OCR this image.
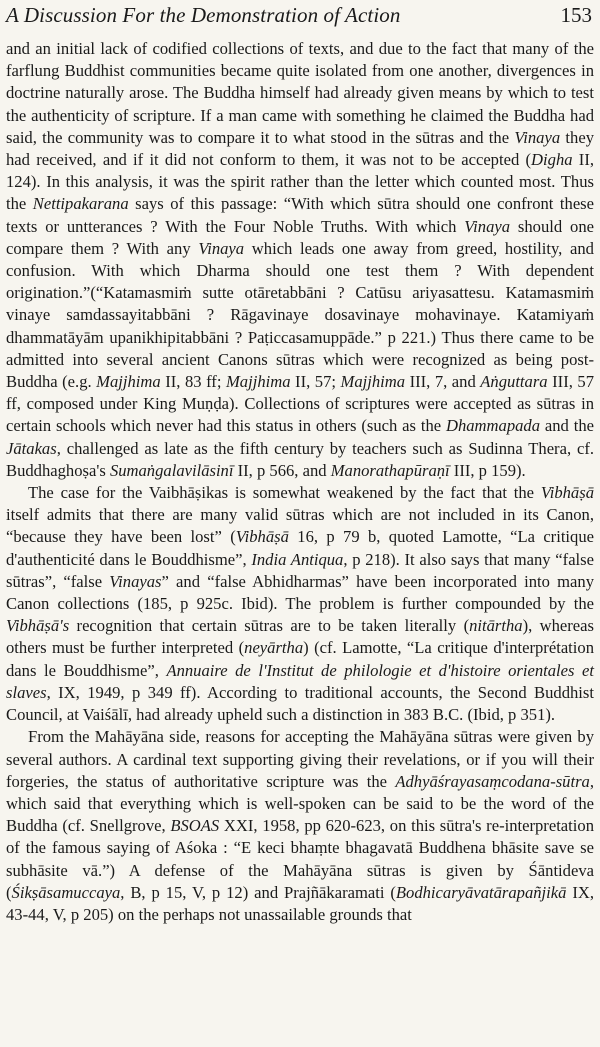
A Discussion For the Demonstration of Action	153

and an initial lack of codified collections of texts, and due to the fact that many of the farflung Buddhist communities became quite isolated from one another, divergences in doctrine naturally arose. The Buddha himself had already given means by which to test the authenticity of scripture. If a man came with something he claimed the Buddha had said, the community was to compare it to what stood in the sūtras and the Vinaya they had received, and if it did not conform to them, it was not to be accepted (Digha II, 124). In this analysis, it was the spirit rather than the letter which counted most. Thus the Nettipakarana says of this passage: “With which sūtra should one confront these texts or untterances ? With the Four Noble Truths. With which Vinaya should one compare them ? With any Vinaya which leads one away from greed, hostility, and confusion. With which Dharma should one test them ? With dependent origination.”(“Katamasmiṁ sutte otāretabbāni ? Catūsu ariyasattesu. Katamasmiṁ vinaye samdassayitabbāni ? Rāgavinaye dosavinaye mohavinaye. Katamiyaṁ dhammatāyām upanikhipitabbāni ? Paṭiccasamuppāde.” p 221.) Thus there came to be admitted into several ancient Canons sūtras which were recognized as being post-Buddha (e.g. Majjhima II, 83 ff; Majjhima II, 57; Majjhima III, 7, and Aṅguttara III, 57 ff, composed under King Muṇḍa). Collections of scriptures were accepted as sūtras in certain schools which never had this status in others (such as the Dhammapada and the Jātakas, challenged as late as the fifth century by teachers such as Sudinna Thera, cf. Buddhaghoṣa's Sumaṅgalavilāsinī II, p 566, and Manorathapūraṇī III, p 159).

The case for the Vaibhāṣikas is somewhat weakened by the fact that the Vibhāṣā itself admits that there are many valid sūtras which are not included in its Canon, “because they have been lost” (Vibhāṣā 16, p 79 b, quoted Lamotte, “La critique d'authenticité dans le Bouddhisme”, India Antiqua, p 218). It also says that many “false sūtras”, “false Vinayas” and “false Abhidharmas” have been incorporated into many Canon collections (185, p 925c. Ibid). The problem is further compounded by the Vibhāṣā's recognition that certain sūtras are to be taken literally (nitārtha), whereas others must be further interpreted (neyārtha) (cf. Lamotte, “La critique d'interprétation dans le Bouddhisme”, Annuaire de l'Institut de philologie et d'histoire orientales et slaves, IX, 1949, p 349 ff). According to traditional accounts, the Second Buddhist Council, at Vaiśālī, had already upheld such a distinction in 383 B.C. (Ibid, p 351).

From the Mahāyāna side, reasons for accepting the Mahāyāna sūtras were given by several authors. A cardinal text supporting giving their revelations, or if you will their forgeries, the status of authoritative scripture was the Adhyāśrayasaṃcodana-sūtra, which said that everything which is well-spoken can be said to be the word of the Buddha (cf. Snellgrove, BSOAS XXI, 1958, pp 620-623, on this sūtra's re-interpretation of the famous saying of Aśoka : “E keci bhaṃte bhagavatā Buddhena bhāsite save se subhāsite vā.”) A defense of the Mahāyāna sūtras is given by Śāntideva (Śikṣāsamuccaya, B, p 15, V, p 12) and Prajñākaramati (Bodhicaryāvatārapañjikā IX, 43-44, V, p 205) on the perhaps not unassailable grounds that
